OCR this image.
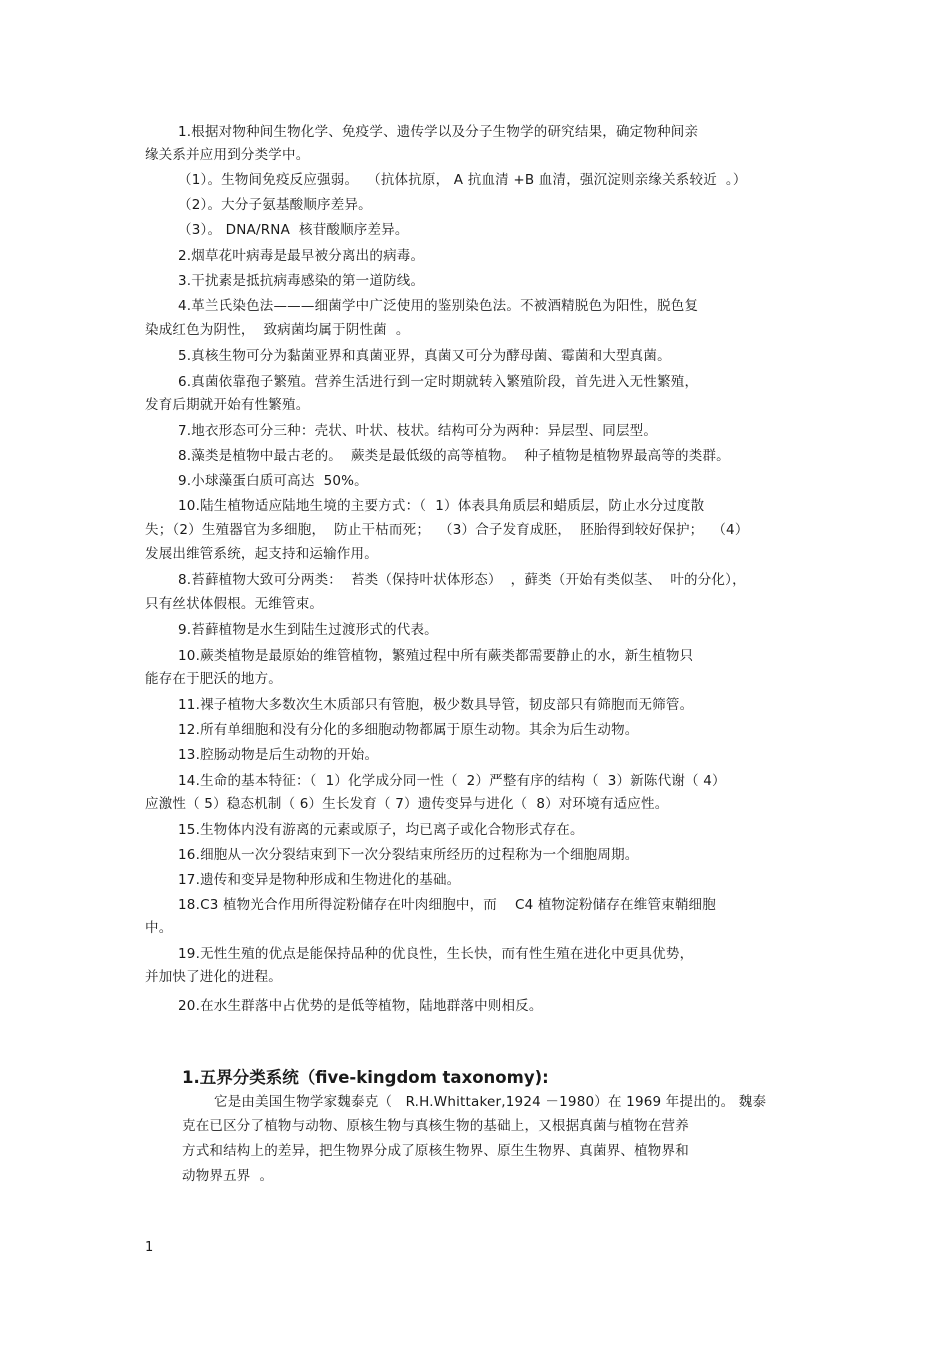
1.根据对物种间生物化学、免疫学、遗传学以及分子生物学的研究结果，确定物种间亲
缘关系并应用到分类学中。
（1）。生物间免疫反应强弱。  （抗体抗原， A 抗血清 +B 血清，强沉淀则亲缘关系较近  。）
（2）。大分子氨基酸顺序差异。
（3）。 DNA/RNA  核苷酸顺序差异。
2.烟草花叶病毒是最早被分离出的病毒。
3.干扰素是抵抗病毒感染的第一道防线。
4.革兰氏染色法———细菌学中广泛使用的鉴别染色法。不被酒精脱色为阳性，脱色复
染成红色为阴性，  致病菌均属于阴性菌  。
5.真核生物可分为黏菌亚界和真菌亚界，真菌又可分为酵母菌、霉菌和大型真菌。
6.真菌依靠孢子繁殖。营养生活进行到一定时期就转入繁殖阶段，首先进入无性繁殖，
发育后期就开始有性繁殖。
7.地衣形态可分三种：壳状、叶状、枝状。结构可分为两种：异层型、同层型。
8.藻类是植物中最古老的。  蕨类是最低级的高等植物。  种子植物是植物界最高等的类群。
9.小球藻蛋白质可高达  50%。
10.陆生植物适应陆地生境的主要方式：（  1）体表具角质层和蜡质层，防止水分过度散
失；（2）生殖器官为多细胞，  防止干枯而死；  （3）合子发育成胚，  胚胎得到较好保护；  （4）
发展出维管系统，起支持和运输作用。
8.苔藓植物大致可分两类：  苔类（保持叶状体形态）  ，藓类（开始有类似茎、  叶的分化），
只有丝状体假根。无维管束。
9.苔藓植物是水生到陆生过渡形式的代表。
10.蕨类植物是最原始的维管植物，繁殖过程中所有蕨类都需要静止的水，新生植物只
能存在于肥沃的地方。
11.裸子植物大多数次生木质部只有管胞，极少数具导管，韧皮部只有筛胞而无筛管。
12.所有单细胞和没有分化的多细胞动物都属于原生动物。其余为后生动物。
13.腔肠动物是后生动物的开始。
14.生命的基本特征：（  1）化学成分同一性（  2）严整有序的结构（  3）新陈代谢（ 4）
应激性（ 5）稳态机制（ 6）生长发育（ 7）遗传变异与进化（  8）对环境有适应性。
15.生物体内没有游离的元素或原子，均已离子或化合物形式存在。
16.细胞从一次分裂结束到下一次分裂结束所经历的过程称为一个细胞周期。
17.遗传和变异是物种形成和生物进化的基础。
18.C3 植物光合作用所得淀粉储存在叶肉细胞中，而    C4 植物淀粉储存在维管束鞘细胞
中。
19.无性生殖的优点是能保持品种的优良性，生长快，而有性生殖在进化中更具优势，
并加快了进化的进程。
20.在水生群落中占优势的是低等植物，陆地群落中则相反。
1.五界分类系统（five-kingdom taxonomy):
它是由美国生物学家魏泰克（   R.H.Whittaker,1924 －1980）在 1969 年提出的。 魏泰
克在已区分了植物与动物、原核生物与真核生物的基础上，又根据真菌与植物在营养
方式和结构上的差异，把生物界分成了原核生物界、原生生物界、真菌界、植物界和
动物界五界  。
1
